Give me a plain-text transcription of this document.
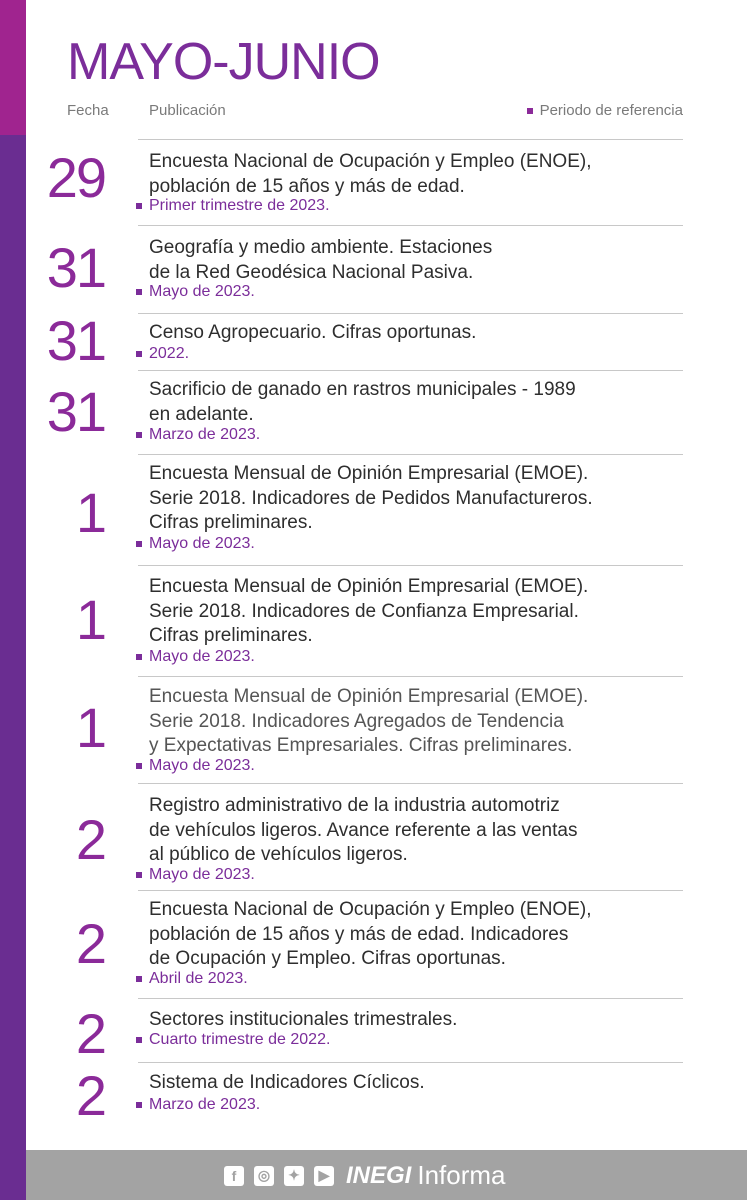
MAYO-JUNIO
Fecha	Publicación	Periodo de referencia
29 Encuesta Nacional de Ocupación y Empleo (ENOE),
población de 15 años y más de edad.
Primer trimestre de 2023.
31 Geografía y medio ambiente. Estaciones
de la Red Geodésica Nacional Pasiva.
Mayo de 2023.
31 Censo Agropecuario. Cifras oportunas.
2022.
31 Sacrificio de ganado en rastros municipales - 1989
en adelante.
Marzo de 2023.
1
Encuesta Mensual de Opinión Empresarial (EMOE).
Serie 2018. Indicadores de Pedidos Manufactureros.
Cifras preliminares.
Mayo de 2023.
1
Encuesta Mensual de Opinión Empresarial (EMOE).
Serie 2018. Indicadores de Confianza Empresarial.
Cifras preliminares.
Mayo de 2023.
1 Encuesta Mensual de Opinión Empresarial (EMOE).
Serie 2018. Indicadores Agregados de Tendencia
y Expectativas Empresariales. Cifras preliminares.
Mayo de 2023.
2
Registro administrativo de la industria automotriz
de vehículos ligeros. Avance referente a las ventas
al público de vehículos ligeros.
Mayo de 2023.
2
Encuesta Nacional de Ocupación y Empleo (ENOE),
población de 15 años y más de edad. Indicadores
de Ocupación y Empleo. Cifras oportunas.
Abril de 2023.
2 Sectores institucionales trimestrales.
Cuarto trimestre de 2022.
2 Sistema de Indicadores Cíclicos.
Marzo de 2023.
f	◎ ✦	▶ INEGI Informa
